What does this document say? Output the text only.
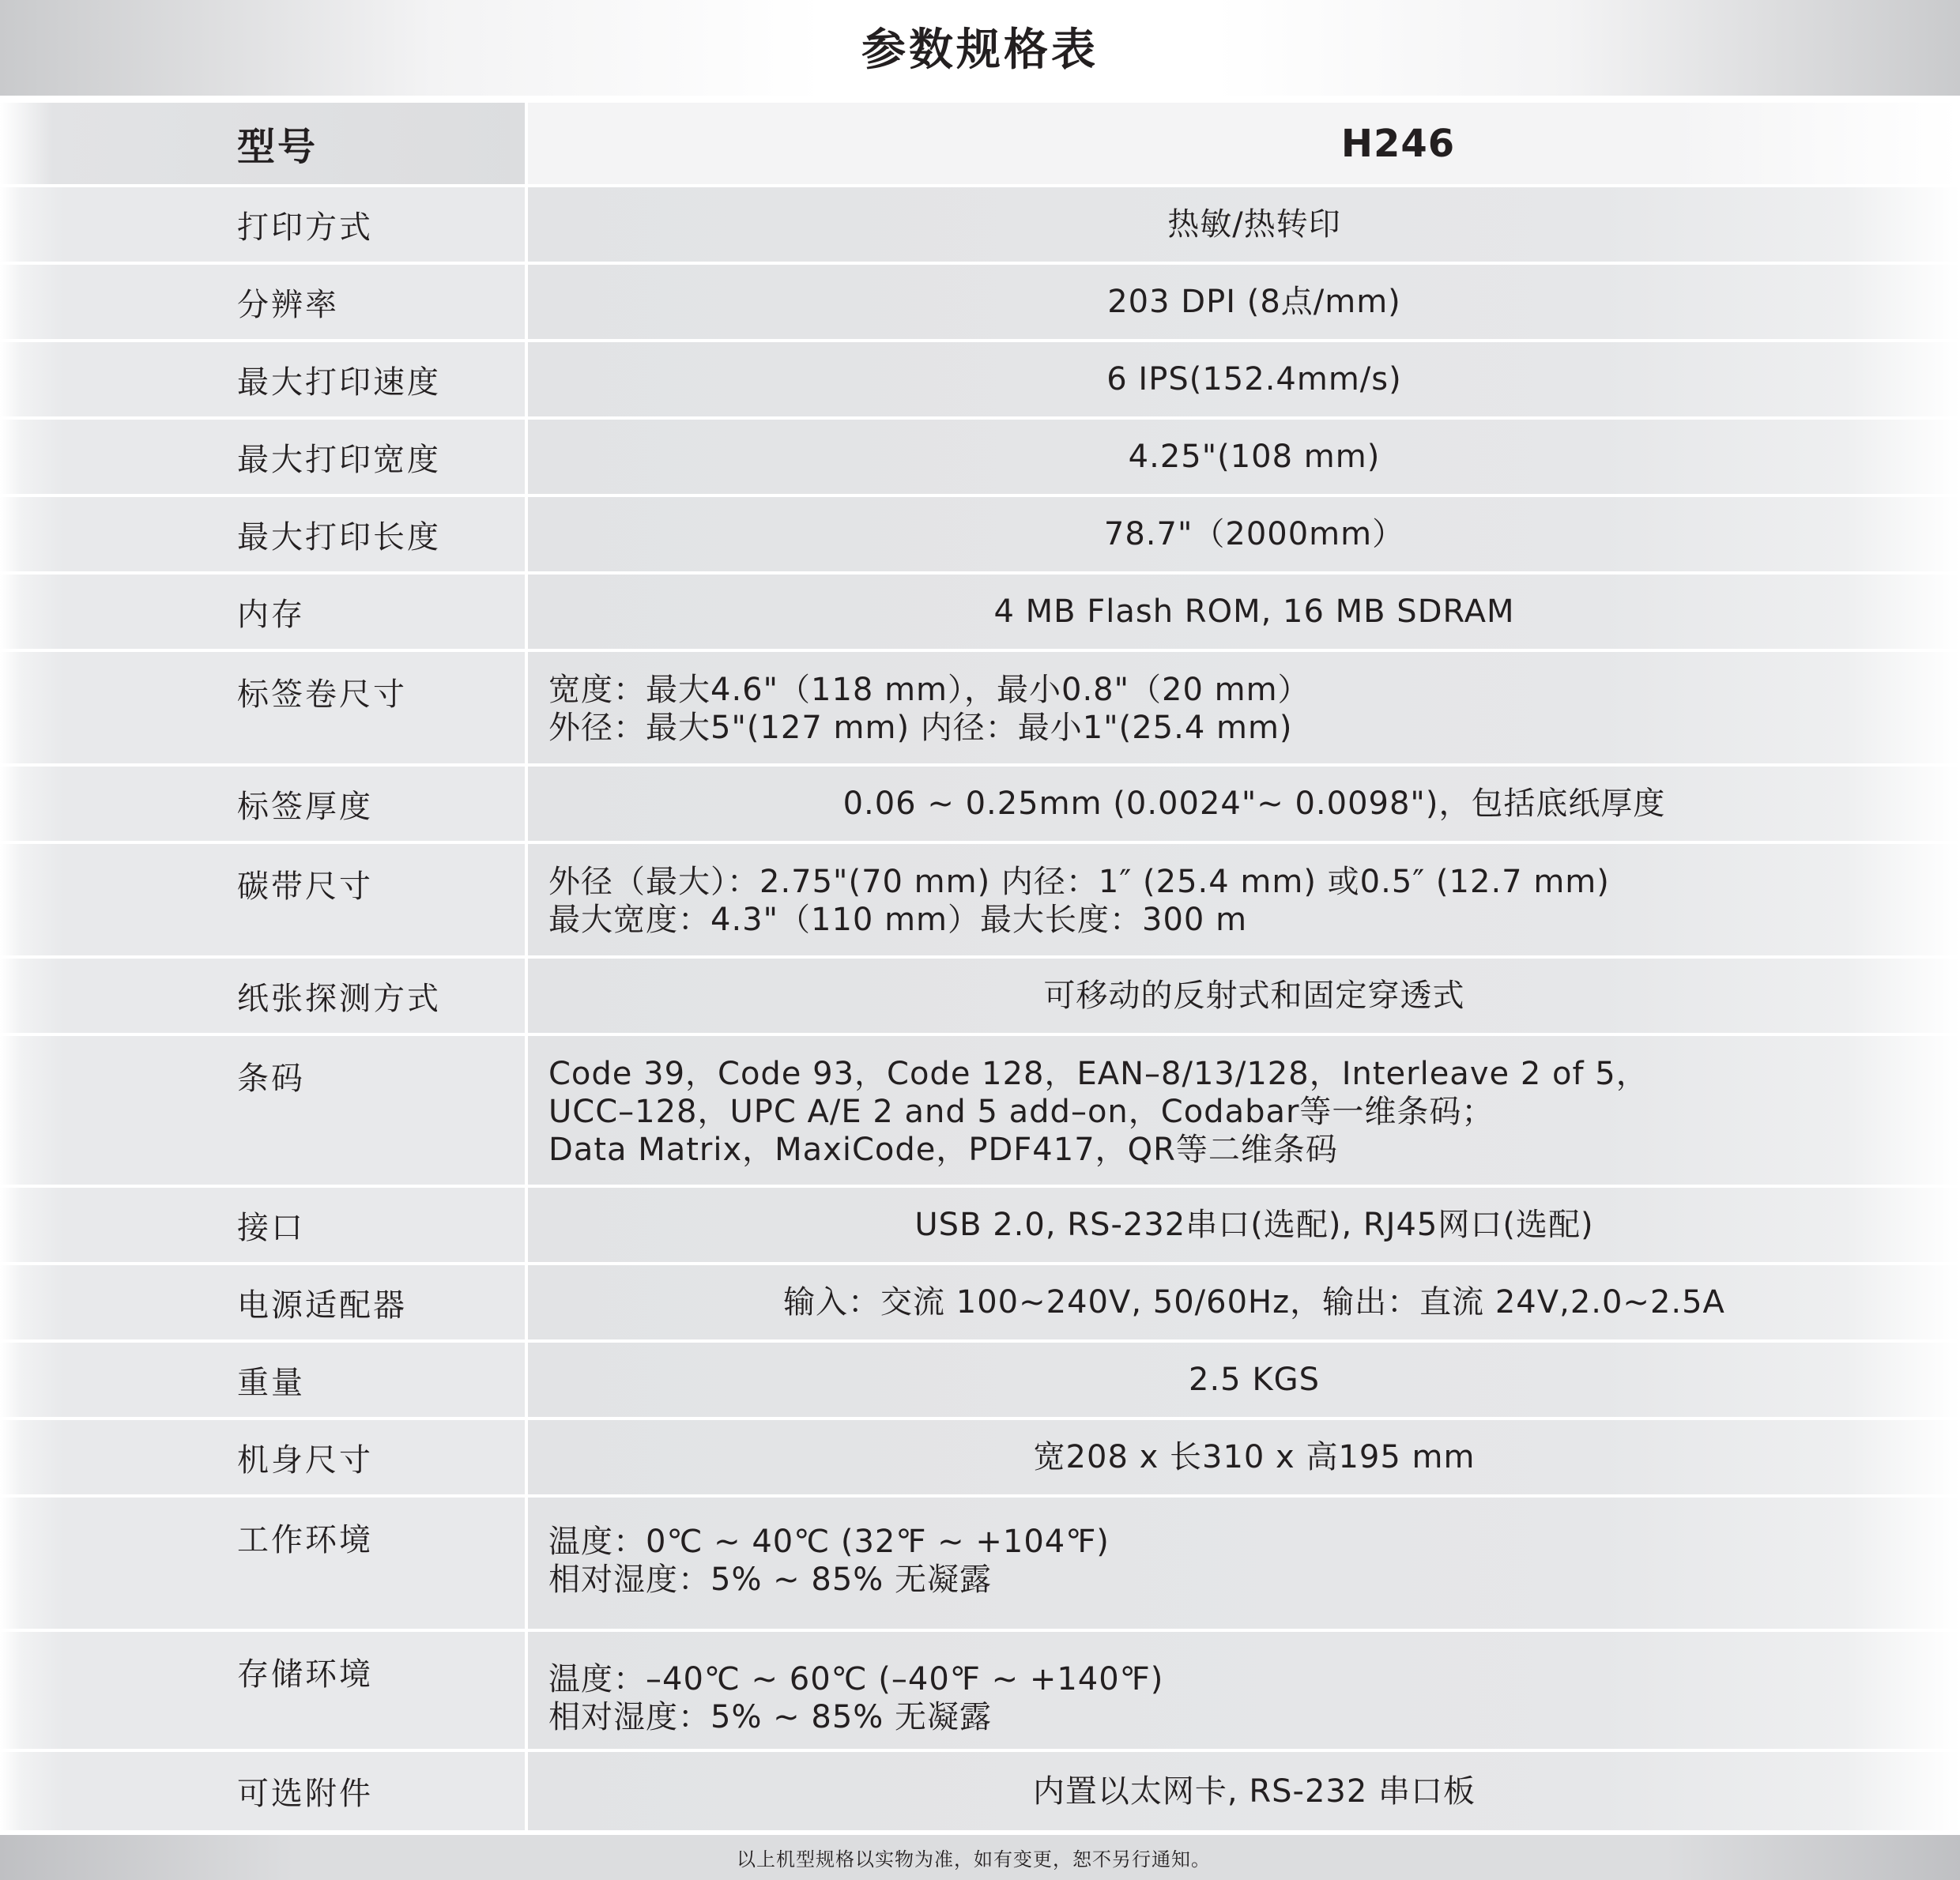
参数规格表
型号	H246
打印方式	热敏/热转印
分辨率	203 DPI (8点/mm)
最大打印速度	6 IPS(152.4mm/s)
最大打印宽度	4.25"(108 mm)
最大打印长度	78.7"（2000mm）
内存	4 MB Flash ROM, 16 MB SDRAM
标签卷尺寸	宽度：最大4.6"（118 mm），最小0.8"（20 mm）
外径：最大5"(127 mm) 内径：最小1"(25.4 mm)
标签厚度	0.06 ~ 0.25mm (0.0024"~ 0.0098")，包括底纸厚度
碳带尺寸	外径（最大）：2.75"(70 mm) 内径：1″ (25.4 mm) 或0.5″ (12.7 mm)
最大宽度：4.3"（110 mm）最大长度：300 m
纸张探测方式	可移动的反射式和固定穿透式
条码	Code 39，Code 93，Code 128，EAN–8/13/128，Interleave 2 of 5，
UCC–128，UPC A/E 2 and 5 add–on，Codabar等一维条码；
Data Matrix，MaxiCode，PDF417，QR等二维条码
接口	USB 2.0, RS-232串口(选配), RJ45网口(选配)
电源适配器	输入：交流 100~240V, 50/60Hz，输出：直流 24V,2.0~2.5A
重量	2.5 KGS
机身尺寸	宽208 x 长310 x 高195 mm
工作环境	温度：0℃ ~ 40℃ (32℉ ~ +104℉)
相对湿度：5% ~ 85% 无凝露
存储环境	温度：–40℃ ~ 60℃ (–40℉ ~ +140℉)
相对湿度：5% ~ 85% 无凝露
可选附件	内置以太网卡, RS-232 串口板
以上机型规格以实物为准，如有变更，恕不另行通知。
